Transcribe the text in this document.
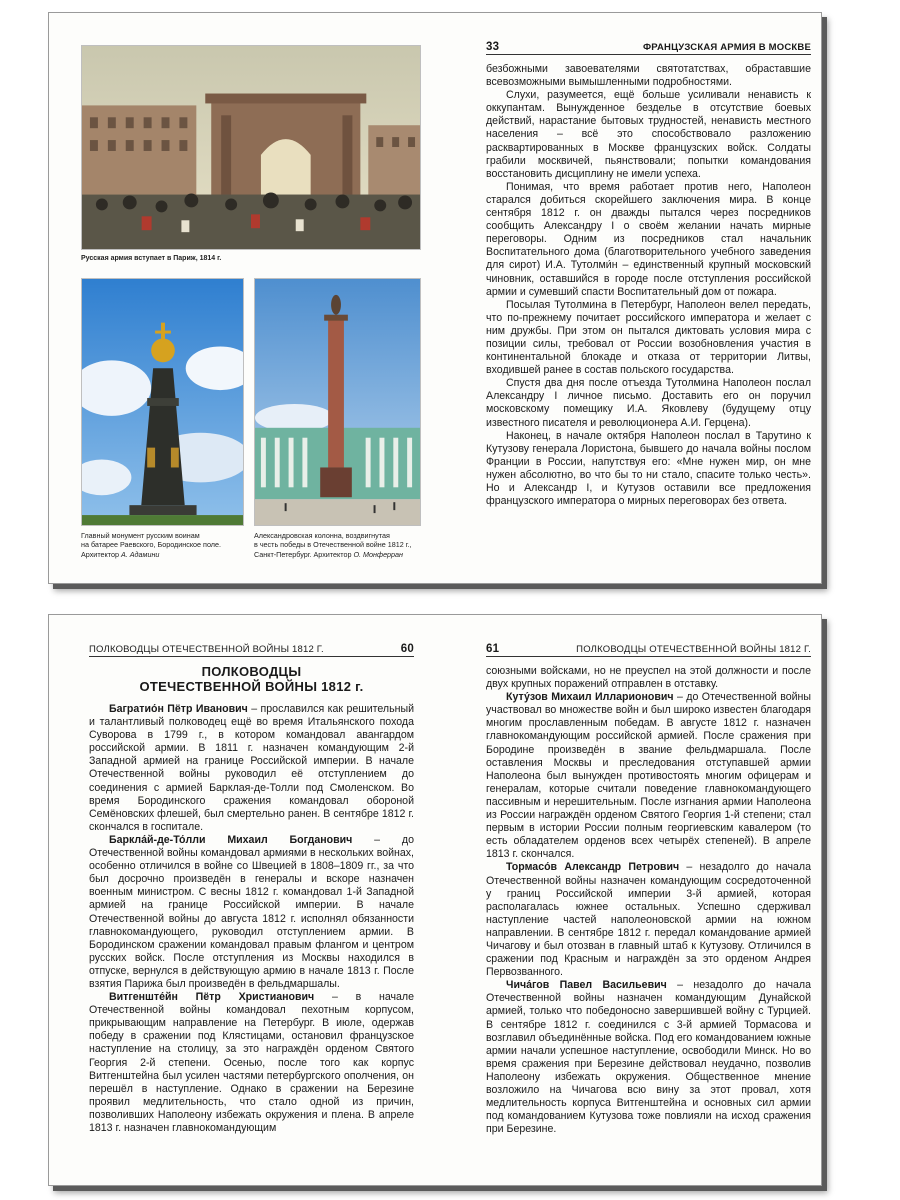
Русская армия вступает в Париж, 1814 г.
Главный монумент русским воинам
на батарее Раевского, Бородинское поле.
Архитектор А. Адамини
Александровская колонна, воздвигнутая
в честь победы в Отечественной войне 1812 г.,
Санкт-Петербург. Архитектор О. Монферран
33	ФРАНЦУЗСКАЯ АРМИЯ В МОСКВЕ

безбожными завоевателями святотатствах, обраставшие всевозможными вымышленными подробностями.

Слухи, разумеется, ещё больше усиливали ненависть к оккупантам. Вынужденное безделье в отсутствие боевых действий, нарастание бытовых трудностей, ненависть местного населения – всё это способствовало разложению расквартированных в Москве французских войск. Солдаты грабили москвичей, пьянствовали; попытки командования восстановить дисциплину не имели успеха.

Понимая, что время работает против него, Наполеон старался добиться скорейшего заключения мира. В конце сентября 1812 г. он дважды пытался через посредников сообщить Александру I о своём желании начать мирные переговоры. Одним из посредников стал начальник Воспитательного дома (благотворительного учебного заведения для сирот) И.А. Тутолми́н – единственный крупный московский чиновник, оставшийся в городе после отступления российской армии и сумевший спасти Воспитательный дом от пожара.

Посылая Тутолмина в Петербург, Наполеон велел передать, что по-прежнему почитает российского императора и желает с ним дружбы. При этом он пытался диктовать условия мира с позиции силы, требовал от России возобновления участия в континентальной блокаде и отказа от территории Литвы, входившей ранее в состав польского государства.

Спустя два дня после отъезда Тутолмина Наполеон послал Александру I личное письмо. Доставить его он поручил московскому помещику И.А. Яковлеву (будущему отцу известного писателя и революционера А.И. Герцена).

Наконец, в начале октября Наполеон послал в Тарутино к Кутузову генерала Лористона, бывшего до начала войны послом Франции в России, напутствуя его: «Мне нужен мир, он мне нужен абсолютно, во что бы то ни стало, спасите только честь». Но и Александр I, и Кутузов оставили все предложения французского императора о мирных переговорах без ответа.

ПОЛКОВОДЦЫ ОТЕЧЕСТВЕННОЙ ВОЙНЫ 1812 Г.	60
ПОЛКОВОДЦЫ
ОТЕЧЕСТВЕННОЙ ВОЙНЫ 1812 г.

Багратио́н Пётр Иванович – прославился как решительный и талантливый полководец ещё во время Итальянского похода Суворова в 1799 г., в котором командовал авангардом российской армии. В 1811 г. назначен командующим 2-й Западной армией на границе Российской империи. В начале Отечественной войны руководил её отступлением до соединения с армией Барклая-де-Толли под Смоленском. Во время Бородинского сражения командовал обороной Семёновских флешей, был смертельно ранен. В сентябре 1812 г. скончался в госпитале.

Баркла́й-де-То́лли Михаил Богданович – до Отечественной войны командовал армиями в нескольких войнах, особенно отличился в войне со Швецией в 1808–1809 гг., за что был досрочно произведён в генералы и вскоре назначен военным министром. С весны 1812 г. командовал 1-й Западной армией на границе Российской империи. В начале Отечественной войны до августа 1812 г. исполнял обязанности главнокомандующего, руководил отступлением армии. В Бородинском сражении командовал правым флангом и центром русских войск. После отступления из Москвы находился в отпуске, вернулся в действующую армию в начале 1813 г. После взятия Парижа был произведён в фельдмаршалы.

Витгенште́йн Пётр Христианович – в начале Отечественной войны командовал пехотным корпусом, прикрывающим направление на Петербург. В июле, одержав победу в сражении под Клястицами, остановил французское наступление на столицу, за это награждён орденом Святого Георгия 2-й степени. Осенью, после того как корпус Витгенштейна был усилен частями петербургского ополчения, он перешёл в наступление. Однако в сражении на Березине проявил медлительность, что стало одной из причин, позволивших Наполеону избежать окружения и плена. В апреле 1813 г. назначен главнокомандующим

61	ПОЛКОВОДЦЫ ОТЕЧЕСТВЕННОЙ ВОЙНЫ 1812 Г.

союзными войсками, но не преуспел на этой должности и после двух крупных поражений отправлен в отставку.

Куту́зов Михаил Илларионович – до Отечественной войны участвовал во множестве войн и был широко известен благодаря многим прославленным победам. В августе 1812 г. назначен главнокомандующим российской армией. После сражения при Бородине произведён в звание фельдмаршала. После оставления Москвы и преследования отступавшей армии Наполеона был вынужден противостоять многим офицерам и генералам, которые считали поведение главнокомандующего пассивным и нерешительным. После изгнания армии Наполеона из России награждён орденом Святого Георгия 1-й степени; стал первым в истории России полным георгиевским кавалером (то есть обладателем орденов всех четырёх степеней). В апреле 1813 г. скончался.

Тормасо́в Александр Петрович – незадолго до начала Отечественной войны назначен командующим сосредоточенной у границ Российской империи 3-й армией, которая располагалась южнее остальных. Успешно сдерживал наступление частей наполеоновской армии на южном направлении. В сентябре 1812 г. передал командование армией Чичагову и был отозван в главный штаб к Кутузову. Отличился в сражении под Красным и награждён за это орденом Андрея Первозванного.

Чича́гов Павел Васильевич – незадолго до начала Отечественной войны назначен командующим Дунайской армией, только что победоносно завершившей войну с Турцией. В сентябре 1812 г. соединился с 3-й армией Тормасова и возглавил объединённые войска. Под его командованием южные армии начали успешное наступление, освободили Минск. Но во время сражения при Березине действовал неудачно, позволив Наполеону избежать окружения. Общественное мнение возложило на Чичагова всю вину за этот провал, хотя медлительность корпуса Витгенштейна и основных сил армии под командованием Кутузова тоже повлияли на исход сражения при Березине.
